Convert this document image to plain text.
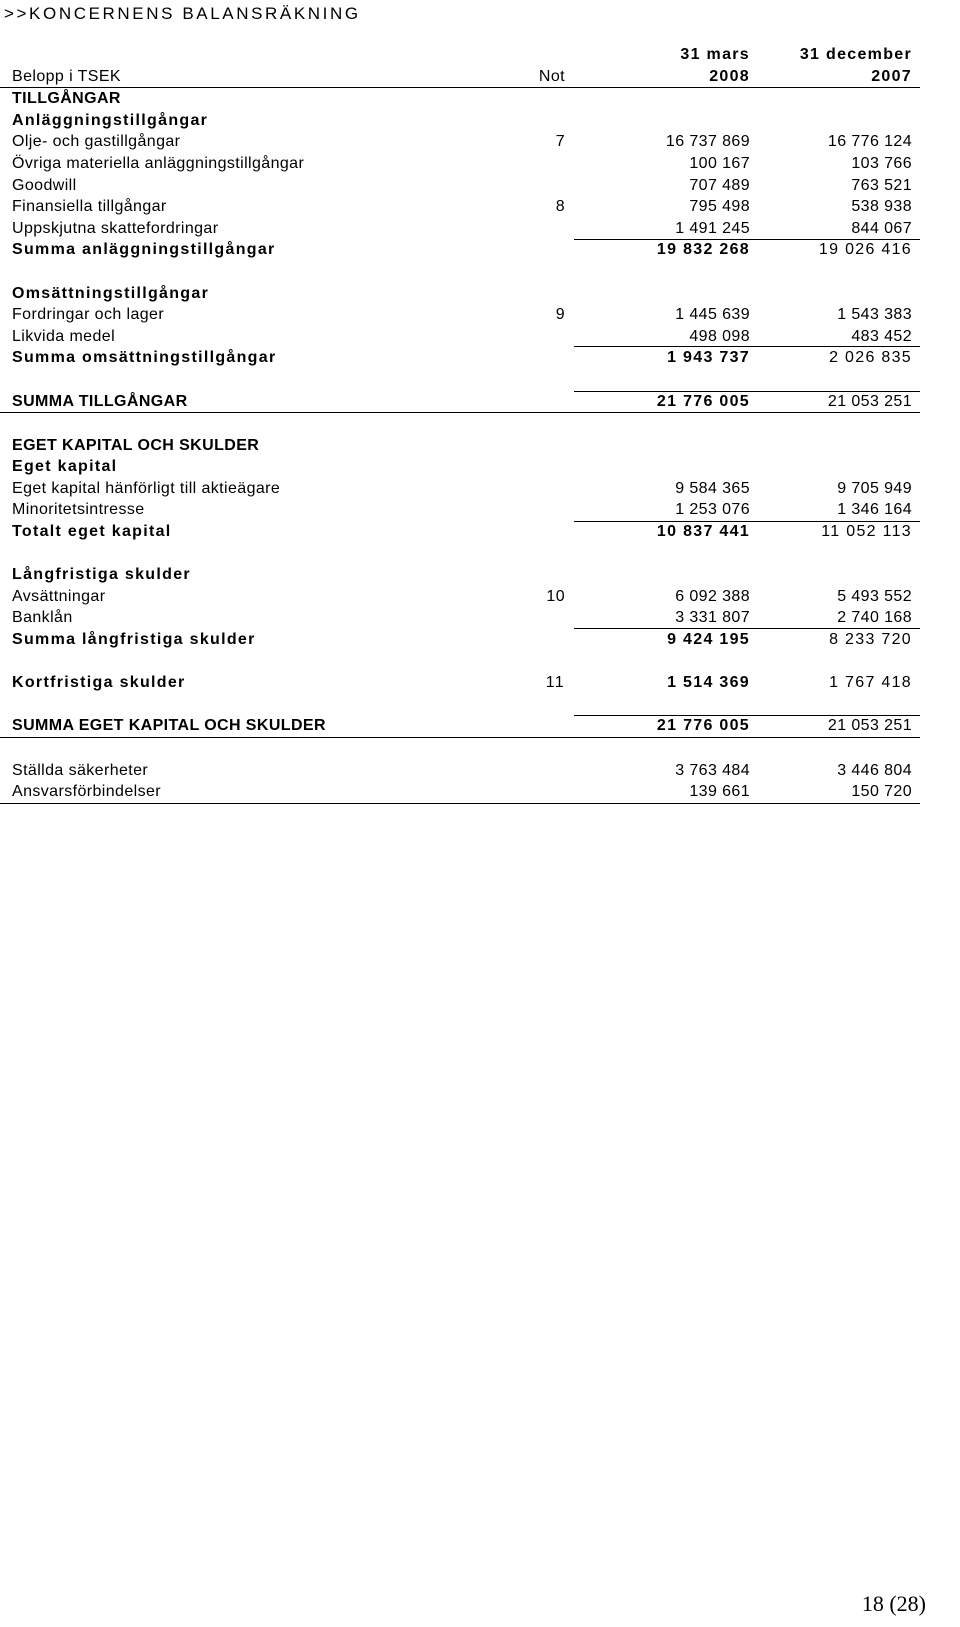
>>KONCERNENS BALANSRÄKNING
31 mars	31 december
Belopp i TSEK	Not	2008	2007
TILLGÅNGAR
Anläggningstillgångar
Olje- och gastillgångar	7	16 737 869	16 776 124
Övriga materiella anläggningstillgångar	100 167	103 766
Goodwill	707 489	763 521
Finansiella tillgångar	8	795 498	538 938
Uppskjutna skattefordringar	1 491 245	844 067
Summa anläggningstillgångar	19 832 268	19 026 416
Omsättningstillgångar
Fordringar och lager	9	1 445 639	1 543 383
Likvida medel	498 098	483 452
Summa omsättningstillgångar	1 943 737	2 026 835
SUMMA TILLGÅNGAR	21 776 005	21 053 251
EGET KAPITAL OCH SKULDER
Eget kapital
Eget kapital hänförligt till aktieägare	9 584 365	9 705 949
Minoritetsintresse	1 253 076	1 346 164
Totalt eget kapital	10 837 441	11 052 113
Långfristiga skulder
Avsättningar	10	6 092 388	5 493 552
Banklån	3 331 807	2 740 168
Summa långfristiga skulder	9 424 195	8 233 720
Kortfristiga skulder	11	1 514 369	1 767 418
SUMMA EGET KAPITAL OCH SKULDER	21 776 005	21 053 251
Ställda säkerheter	3 763 484	3 446 804
Ansvarsförbindelser	139 661	150 720
18 (28)
